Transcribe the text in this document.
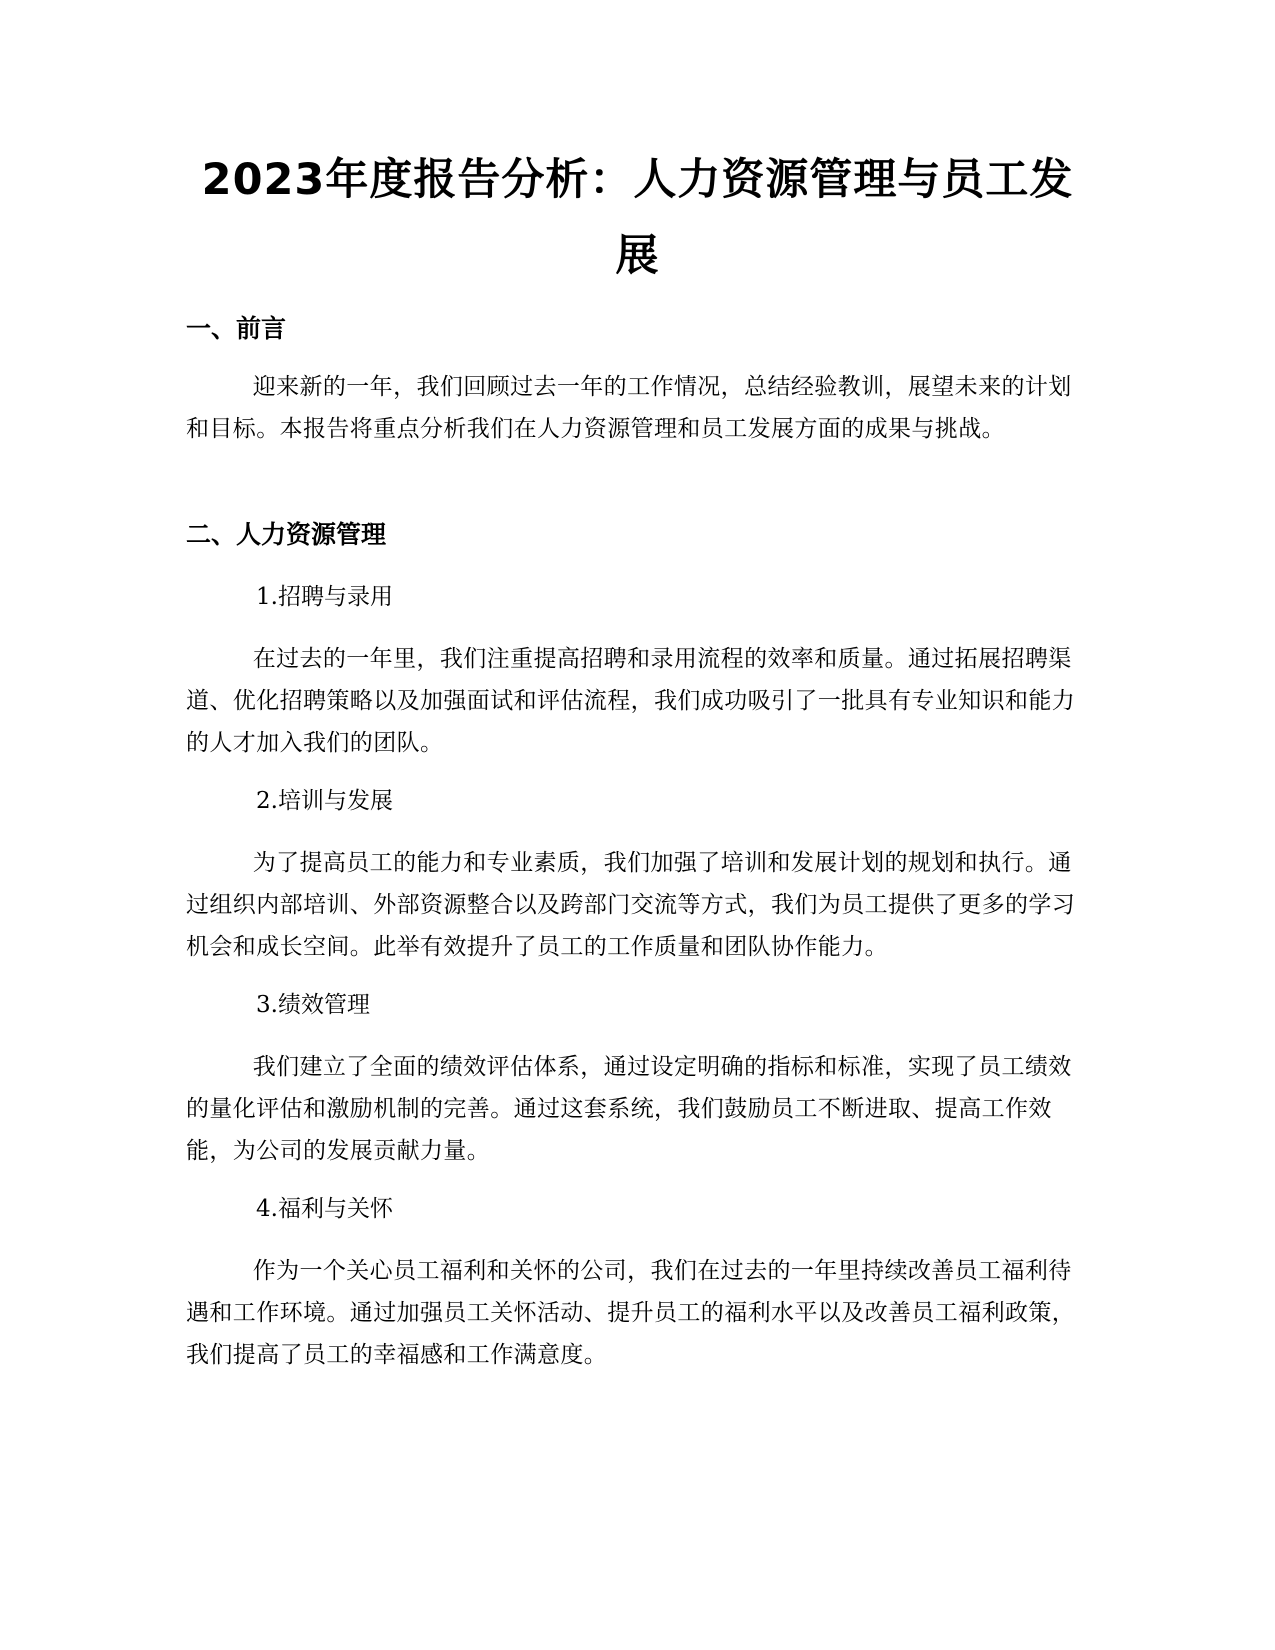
2023年度报告分析：人力资源管理与员工发展
一、前言

迎来新的一年，我们回顾过去一年的工作情况，总结经验教训，展望未来的计划和目标。本报告将重点分析我们在人力资源管理和员工发展方面的成果与挑战。

二、人力资源管理

1.招聘与录用

在过去的一年里，我们注重提高招聘和录用流程的效率和质量。通过拓展招聘渠道、优化招聘策略以及加强面试和评估流程，我们成功吸引了一批具有专业知识和能力的人才加入我们的团队。

2.培训与发展

为了提高员工的能力和专业素质，我们加强了培训和发展计划的规划和执行。通过组织内部培训、外部资源整合以及跨部门交流等方式，我们为员工提供了更多的学习机会和成长空间。此举有效提升了员工的工作质量和团队协作能力。

3.绩效管理

我们建立了全面的绩效评估体系，通过设定明确的指标和标准，实现了员工绩效的量化评估和激励机制的完善。通过这套系统，我们鼓励员工不断进取、提高工作效能，为公司的发展贡献力量。

4.福利与关怀

作为一个关心员工福利和关怀的公司，我们在过去的一年里持续改善员工福利待遇和工作环境。通过加强员工关怀活动、提升员工的福利水平以及改善员工福利政策，我们提高了员工的幸福感和工作满意度。
